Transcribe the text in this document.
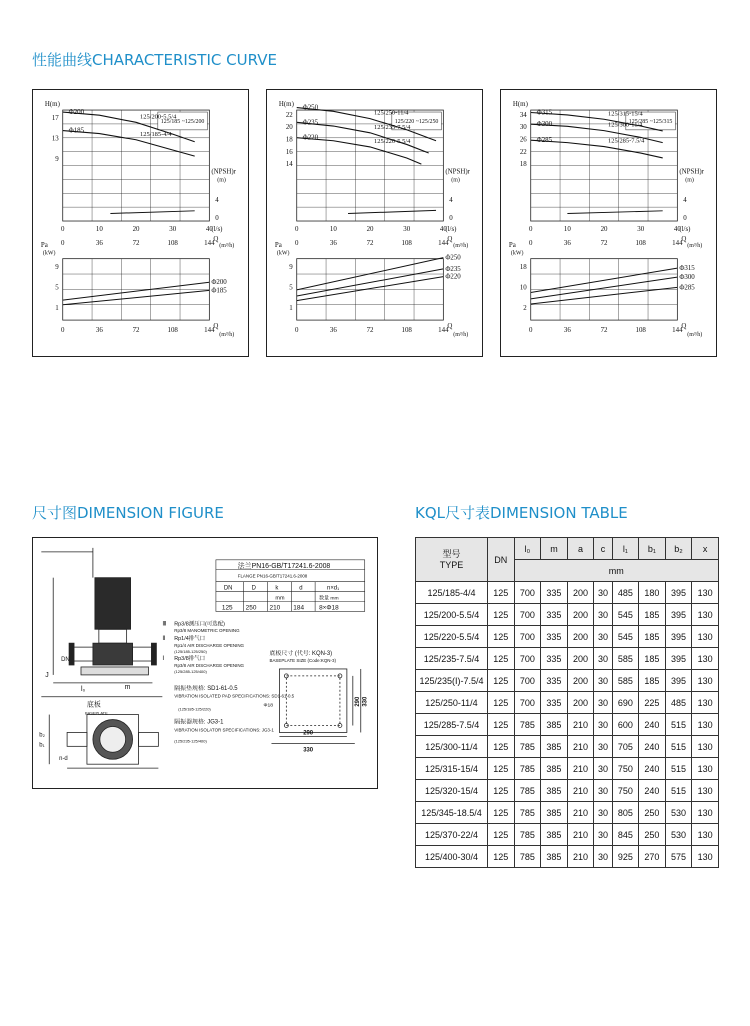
性能曲线CHARACTERISTIC CURVE
尺寸图DIMENSION FIGURE	KQL尺寸表DIMENSION TABLE
H(m)
17
13
9
0	10	20	30	40
(l/s)
0	36	72	108	144
Q
(m³/h)
(NPSH)r
(m)
4
0
125/185 ~125/200
Φ200
125/200-5.5/4
Φ185	125/185-4/4
Pa
(kW)
9
5
1
Φ200
Φ185
0	36	72	108	144
Q
(m³/h)
H(m)
22
20
18
16
14
0	10	20	30	40
(l/s)
0	36	72	108	144
Q
(m³/h)
(NPSH)r
(m)
4
0
125/220 ~125/250
Φ250
125/250-11/4
Φ235
125/235-7.5/4
Φ220	125/220-5.5/4
Pa
(kW)
9
5
1
Φ250
Φ235
Φ220
0	36	72	108	144
Q
(m³/h)
H(m)
34
30
26
22
18
0	10	20	30	40
(l/s)
0	36	72	108	144
Q
(m³/h)
(NPSH)r
(m)
4
0
125/285 ~125/315
Φ315	125/315-15/4
Φ300	125/300-11/4
Φ285	125/285-7.5/4
Pa
(kW)
18
10
2
Φ315
Φ300
Φ285
0	36	72	108	144
Q
(m³/h)
l₀	m
J
DN
底板
BASEPLATE
b₂
b₁
n-d
法兰PN16-GB/T17241.6-2008
FLANGE PN16-GB/T17241.6-2008
DN	D	k	d	n×d₁
mm	数量 mm
125 250 210 184 8×Φ18
Ⅲ Rp3/8测压口(可选配)
Rp3/8 MANOMETRIC OPENING
Ⅱ Rp1/4排气口
Rp1/4 AIR DISCHARGE OPENING
(125/185-125/250)
Ⅰ Rp3/8排气口
Rp3/8 AIR DISCHARGE OPENING
(125/285-125/400)
隔振垫规格: SD1-61-0.5
VIBRATION ISOLATED PAD SPECIFICATIONS: SD1-61-0.5
(125/185-125/220)
隔振器规格: JG3-1
VIBRATION ISOLATOR SPECIFICATIONS: JG3-1
(125/235-125/400)
底板尺寸 (代号: KQN-3)
BASEPLATE SIZE (Code:KQN-3)
Φ18
290
330
290 330
型号
TYPE	DN	l₀	m	a	c	l₁	b₁	b₂	x
		mm							
125/185-4/4	125	700	335	200	30	485	180	395	130
125/200-5.5/4	125	700	335	200	30	545	185	395	130
125/220-5.5/4	125	700	335	200	30	545	185	395	130
125/235-7.5/4	125	700	335	200	30	585	185	395	130
125/235(I)-7.5/4	125	700	335	200	30	585	185	395	130
125/250-11/4	125	700	335	200	30	690	225	485	130
125/285-7.5/4	125	785	385	210	30	600	240	515	130
125/300-11/4	125	785	385	210	30	705	240	515	130
125/315-15/4	125	785	385	210	30	750	240	515	130
125/320-15/4	125	785	385	210	30	750	240	515	130
125/345-18.5/4	125	785	385	210	30	805	250	530	130
125/370-22/4	125	785	385	210	30	845	250	530	130
125/400-30/4	125	785	385	210	30	925	270	575	130
